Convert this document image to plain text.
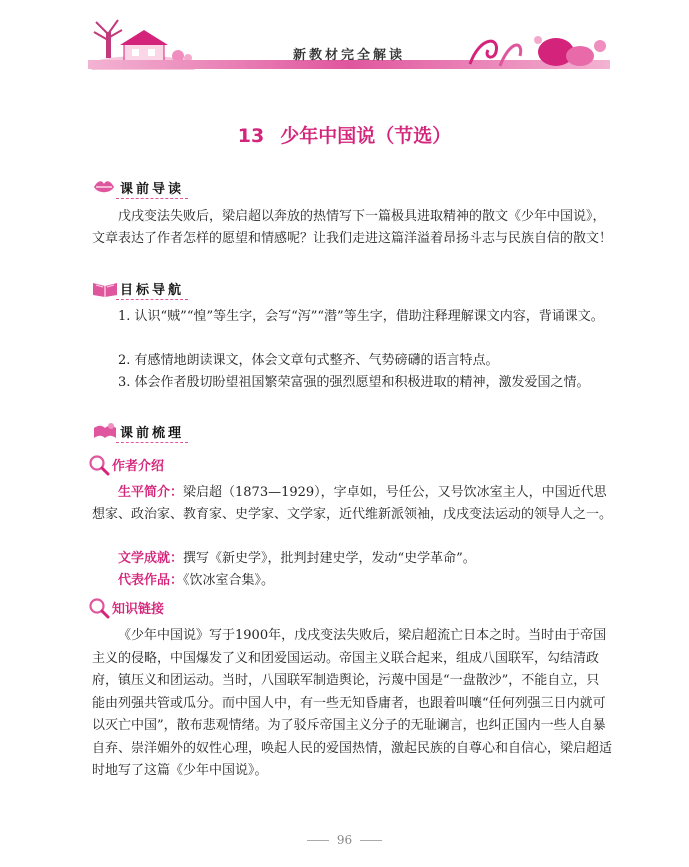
新教材完全解读
13 少年中国说（节选）
课前导读

戊戌变法失败后，梁启超以奔放的热情写下一篇极具进取精神的散文《少年中国说》，文章表达了作者怎样的愿望和情感呢？让我们走进这篇洋溢着昂扬斗志与民族自信的散文！

目标导航

1. 认识“贼”“惶”等生字，会写“泻”“潜”等生字，借助注释理解课文内容，背诵课文。

2. 有感情地朗读课文，体会文章句式整齐、气势磅礴的语言特点。

3. 体会作者殷切盼望祖国繁荣富强的强烈愿望和积极进取的精神，激发爱国之情。

课前梳理
作者介绍

生平简介：梁启超（1873—1929），字卓如，号任公，又号饮冰室主人，中国近代思想家、政治家、教育家、史学家、文学家，近代维新派领袖，戊戌变法运动的领导人之一。

文学成就：撰写《新史学》，批判封建史学，发动“史学革命”。

代表作品：《饮冰室合集》。

知识链接

《少年中国说》写于1900年，戊戌变法失败后，梁启超流亡日本之时。当时由于帝国主义的侵略，中国爆发了义和团爱国运动。帝国主义联合起来，组成八国联军，勾结清政府，镇压义和团运动。当时，八国联军制造舆论，污蔑中国是“一盘散沙”，不能自立，只能由列强共管或瓜分。而中国人中，有一些无知昏庸者，也跟着叫嚷“任何列强三日内就可以灭亡中国”，散布悲观情绪。为了驳斥帝国主义分子的无耻谰言，也纠正国内一些人自暴自弃、崇洋媚外的奴性心理，唤起人民的爱国热情，激起民族的自尊心和自信心，梁启超适时地写了这篇《少年中国说》。

96
